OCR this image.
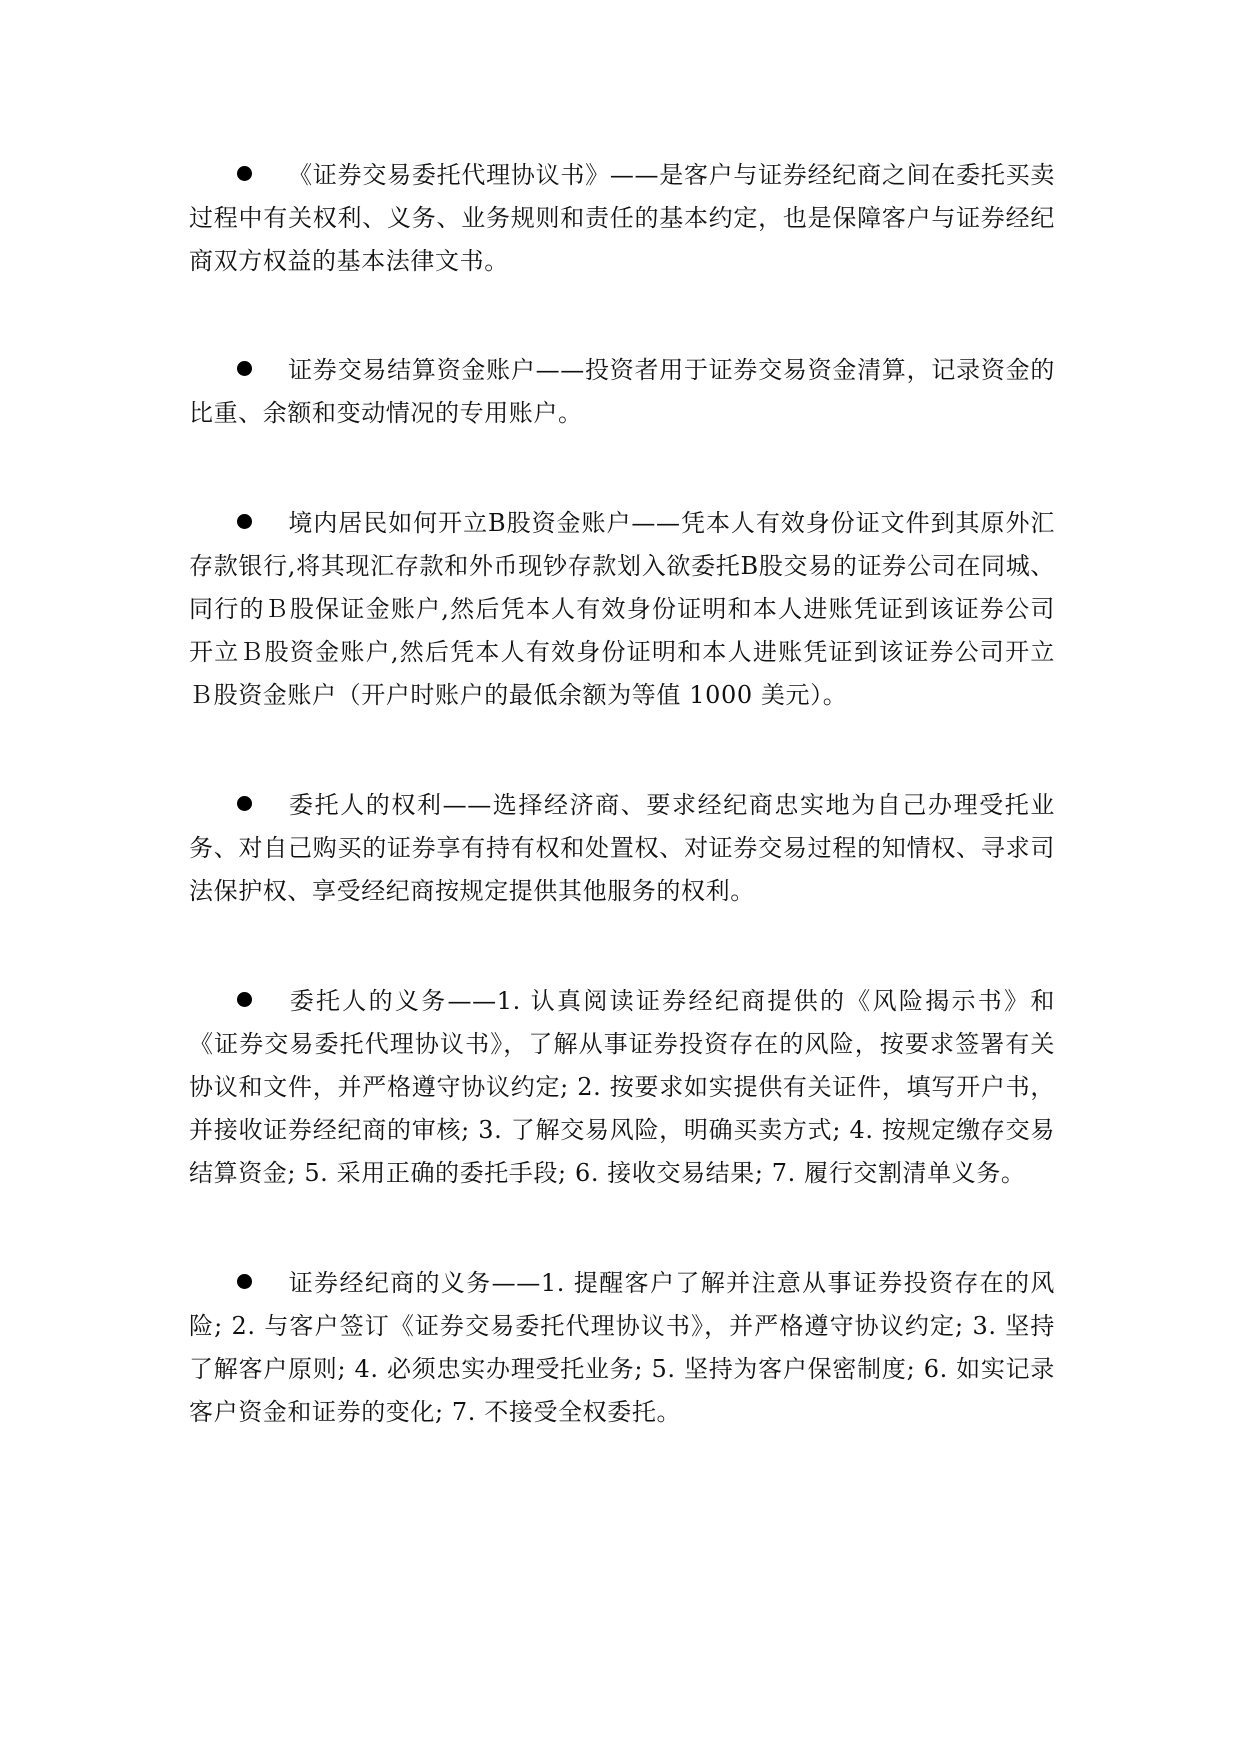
《证券交易委托代理协议书》——是客户与证券经纪商之间在委托买卖过程中有关权利、义务、业务规则和责任的基本约定，也是保障客户与证券经纪商双方权益的基本法律文书。

证券交易结算资金账户——投资者用于证券交易资金清算，记录资金的比重、余额和变动情况的专用账户。

境内居民如何开立B股资金账户——凭本人有效身份证文件到其原外汇存款银行,将其现汇存款和外币现钞存款划入欲委托B股交易的证券公司在同城、同行的Ｂ股保证金账户,然后凭本人有效身份证明和本人进账凭证到该证券公司开立Ｂ股资金账户,然后凭本人有效身份证明和本人进账凭证到该证券公司开立Ｂ股资金账户（开户时账户的最低余额为等值 1000 美元）。

委托人的权利——选择经济商、要求经纪商忠实地为自己办理受托业务、对自己购买的证券享有持有权和处置权、对证券交易过程的知情权、寻求司法保护权、享受经纪商按规定提供其他服务的权利。

委托人的义务——1. 认真阅读证券经纪商提供的《风险揭示书》和《证券交易委托代理协议书》，了解从事证券投资存在的风险，按要求签署有关协议和文件，并严格遵守协议约定; 2. 按要求如实提供有关证件，填写开户书，并接收证券经纪商的审核; 3. 了解交易风险，明确买卖方式; 4. 按规定缴存交易结算资金; 5. 采用正确的委托手段; 6. 接收交易结果; 7. 履行交割清单义务。

证券经纪商的义务——1. 提醒客户了解并注意从事证券投资存在的风险; 2. 与客户签订《证券交易委托代理协议书》，并严格遵守协议约定; 3. 坚持了解客户原则; 4. 必须忠实办理受托业务; 5. 坚持为客户保密制度; 6. 如实记录客户资金和证券的变化; 7. 不接受全权委托。
